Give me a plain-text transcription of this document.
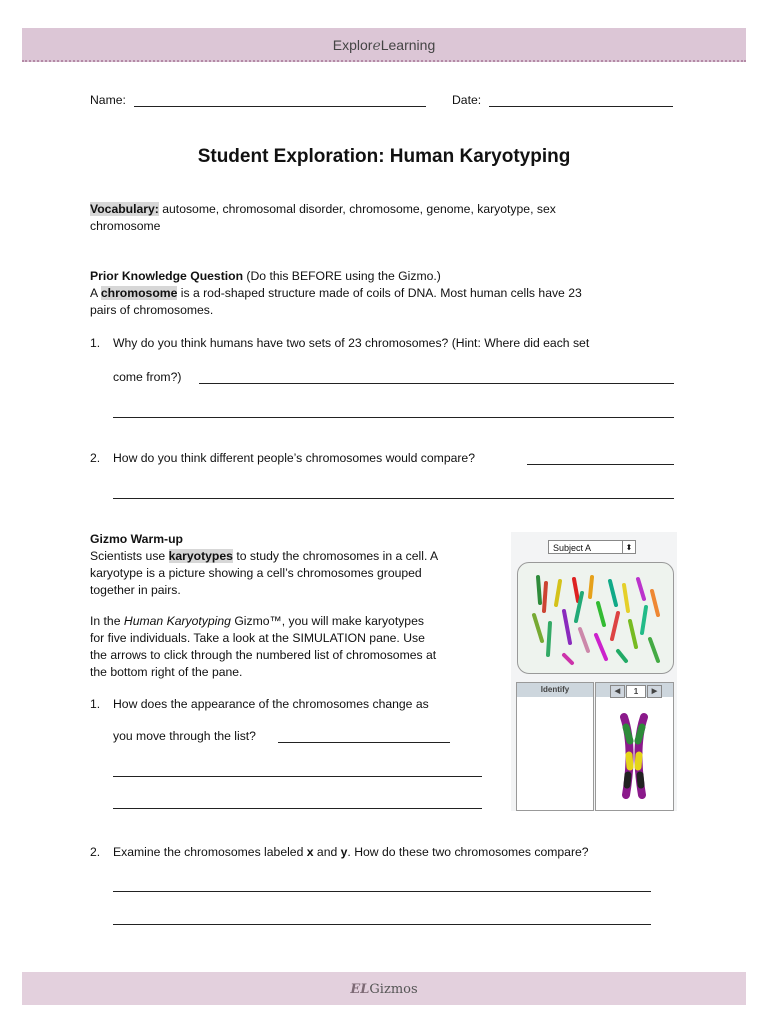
ExploreLearning
Name:	Date:
Student Exploration: Human Karyotyping
Vocabulary: autosome, chromosomal disorder, chromosome, genome, karyotype, sex
chromosome
Prior Knowledge Question (Do this BEFORE using the Gizmo.)
A chromosome is a rod-shaped structure made of coils of DNA. Most human cells have 23
pairs of chromosomes.
1. Why do you think humans have two sets of 23 chromosomes? (Hint: Where did each set
come from?)
2. How do you think different people’s chromosomes would compare?
Gizmo Warm-up
Scientists use karyotypes to study the chromosomes in a cell. A
karyotype is a picture showing a cell’s chromosomes grouped
together in pairs.
In the Human Karyotyping Gizmo™, you will make karyotypes
for five individuals. Take a look at the SIMULATION pane. Use
the arrows to click through the numbered list of chromosomes at
the bottom right of the pane.
1. How does the appearance of the chromosomes change as
you move through the list?
2. Examine the chromosomes labeled x and y. How do these two chromosomes compare?
Subject A	⬍
Identify	◀	1	▶
ELGizmos
